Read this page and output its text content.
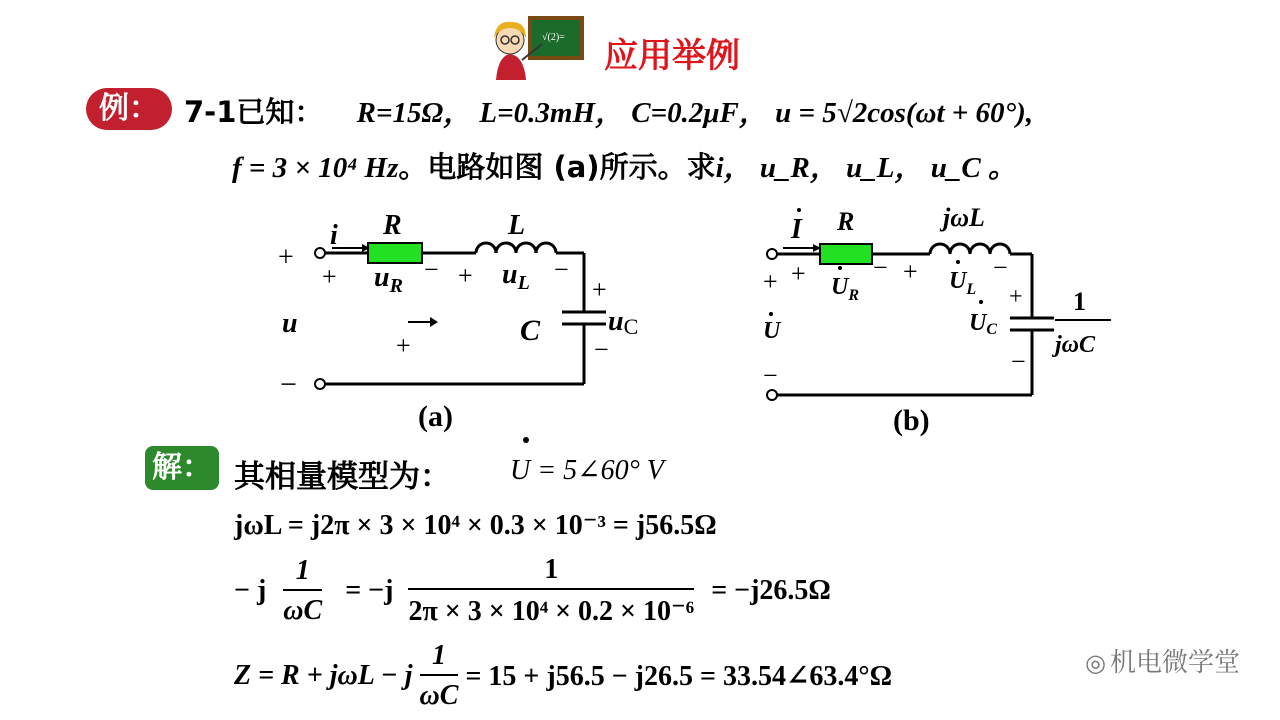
√(2)= 应用举例
例： 7-1已知： R=15Ω， L=0.3mH， C=0.2μF， u = 5√2cos(ωt + 60°),
f = 3 × 10⁴ Hz。电路如图 (a)所示。求i， u_R， u_L， u_C 。
+
i R	L
+ $u_R$
− + $u_L$ −
C
+
uC
−
u
+
−
(a)
I R	jωL
+ + $U_R$
− + $U_L$
−
+
UC
−
1
jωC
U
−
(b)
解： 其相量模型为： U = 5∠60° V
jωL = j2π × 3 × 10⁴ × 0.3 × 10⁻³ = j56.5Ω
− j $\frac{1}{\omega C} = -j \frac{1}{\text{2π × 3 × 10⁴ × 0.2 × 10⁻⁶}} = -j26.5\Omega$
Z = R + jωL − j $\frac{1}{\omega C} = 15 + j56.5 - j26.5$ = 33.54∠63.4°Ω	◎ 机电微学堂
